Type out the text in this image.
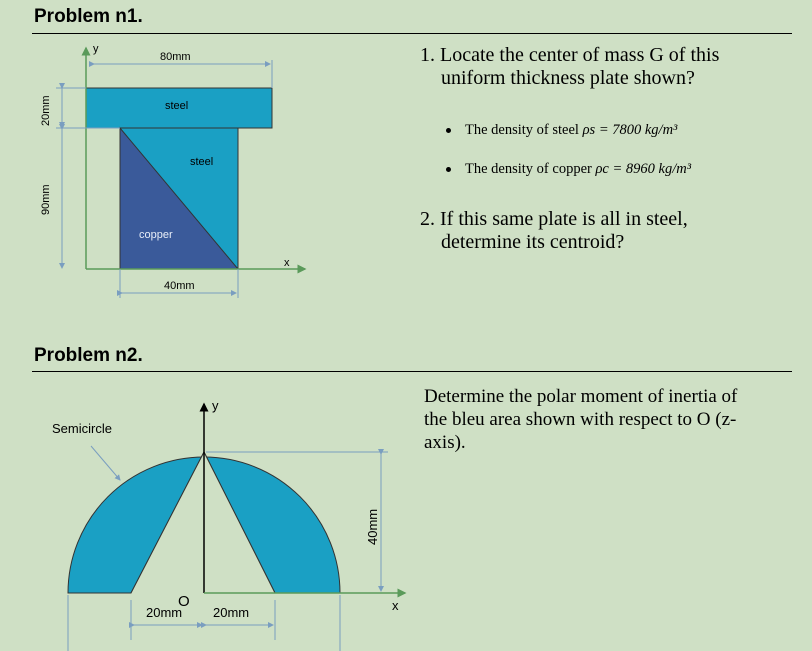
Problem n1.
Problem n2.
1. Locate the center of mass G of this
uniform thickness plate shown?
The density of steel ρs = 7800 kg/m³
The density of copper ρc = 8960 kg/m³
2. If this same plate is all in steel,
determine its centroid?
Determine the polar moment of inertia of
the bleu area shown with respect to O (z-
axis).
y
x
80mm
steel
steel
copper
40mm
20mm
90mm
Semicircle
y
x
O
20mm 20mm
40mm
